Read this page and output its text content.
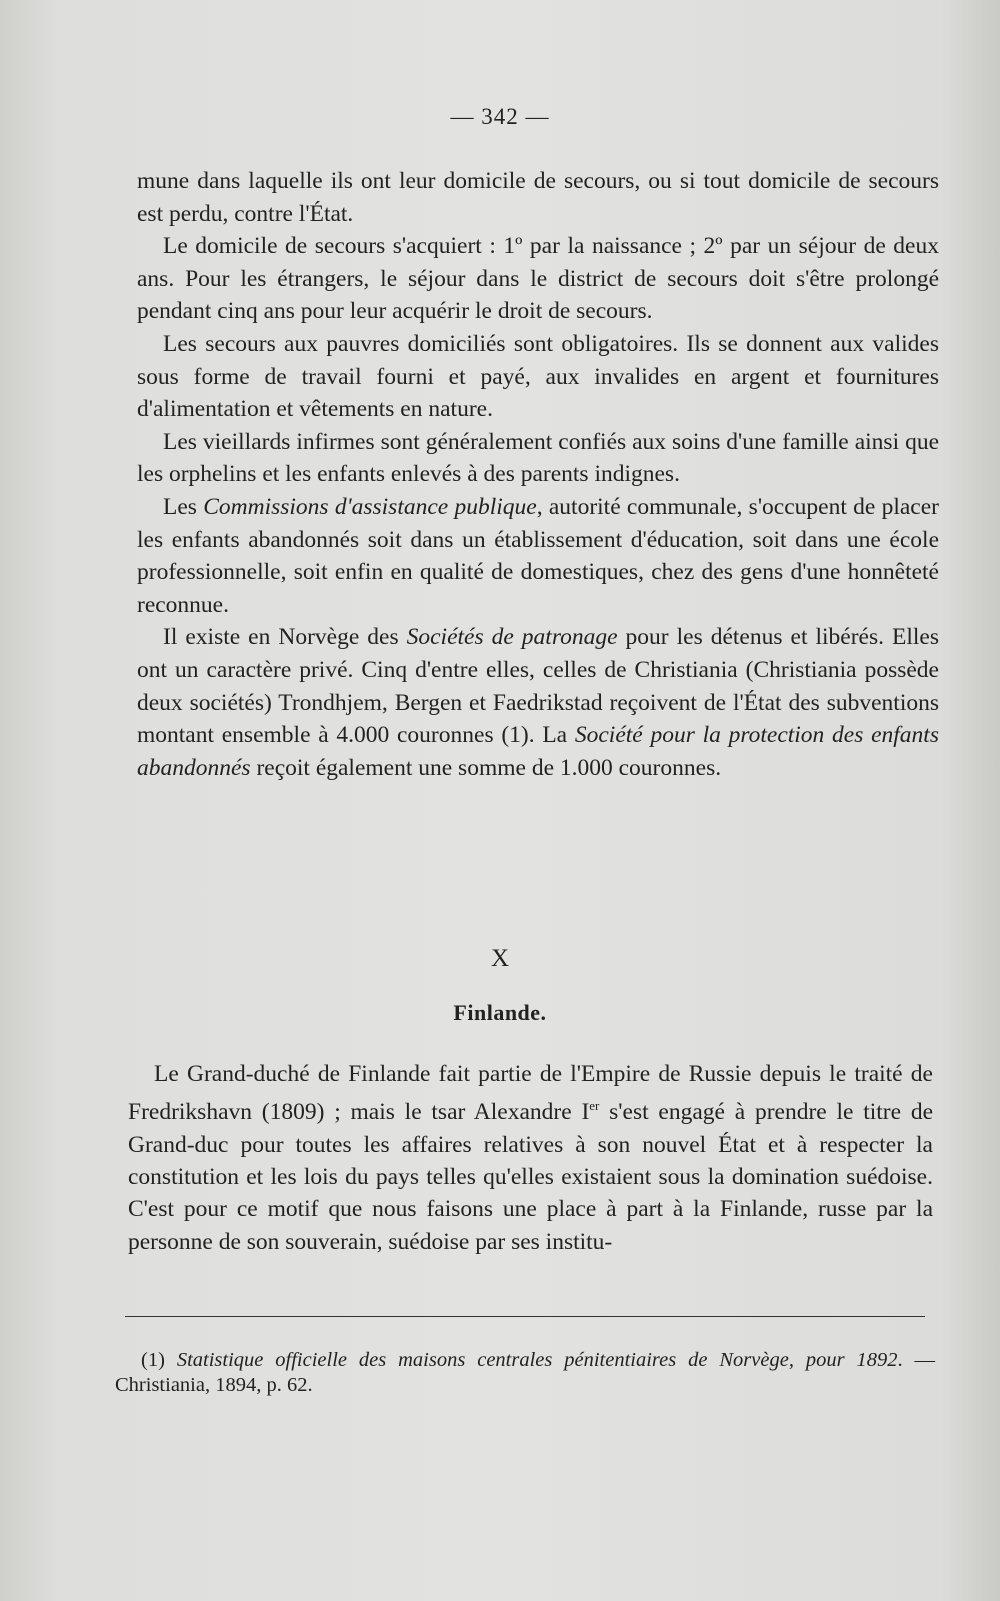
— 342 —

mune dans laquelle ils ont leur domicile de secours, ou si tout domicile de secours est perdu, contre l'État.

Le domicile de secours s'acquiert : 1º par la naissance ; 2º par un séjour de deux ans. Pour les étrangers, le séjour dans le district de secours doit s'être prolongé pendant cinq ans pour leur acquérir le droit de secours.

Les secours aux pauvres domiciliés sont obligatoires. Ils se donnent aux valides sous forme de travail fourni et payé, aux invalides en argent et fournitures d'alimentation et vêtements en nature.

Les vieillards infirmes sont généralement confiés aux soins d'une famille ainsi que les orphelins et les enfants enlevés à des parents indignes.

Les Commissions d'assistance publique, autorité communale, s'occupent de placer les enfants abandonnés soit dans un établissement d'éducation, soit dans une école professionnelle, soit enfin en qualité de domestiques, chez des gens d'une honnêteté reconnue.

Il existe en Norvège des Sociétés de patronage pour les détenus et libérés. Elles ont un caractère privé. Cinq d'entre elles, celles de Christiania (Christiania possède deux sociétés) Trondhjem, Bergen et Faedrikstad reçoivent de l'État des subventions montant ensemble à 4.000 couronnes (1). La Société pour la protection des enfants abandonnés reçoit également une somme de 1.000 couronnes.

X
Finlande.

Le Grand-duché de Finlande fait partie de l'Empire de Russie depuis le traité de Fredrikshavn (1809) ; mais le tsar Alexandre Ier s'est engagé à prendre le titre de Grand-duc pour toutes les affaires relatives à son nouvel État et à respecter la constitution et les lois du pays telles qu'elles existaient sous la domination suédoise. C'est pour ce motif que nous faisons une place à part à la Finlande, russe par la personne de son souverain, suédoise par ses institu-

(1) Statistique officielle des maisons centrales pénitentiaires de Norvège, pour 1892. — Christiania, 1894, p. 62.
